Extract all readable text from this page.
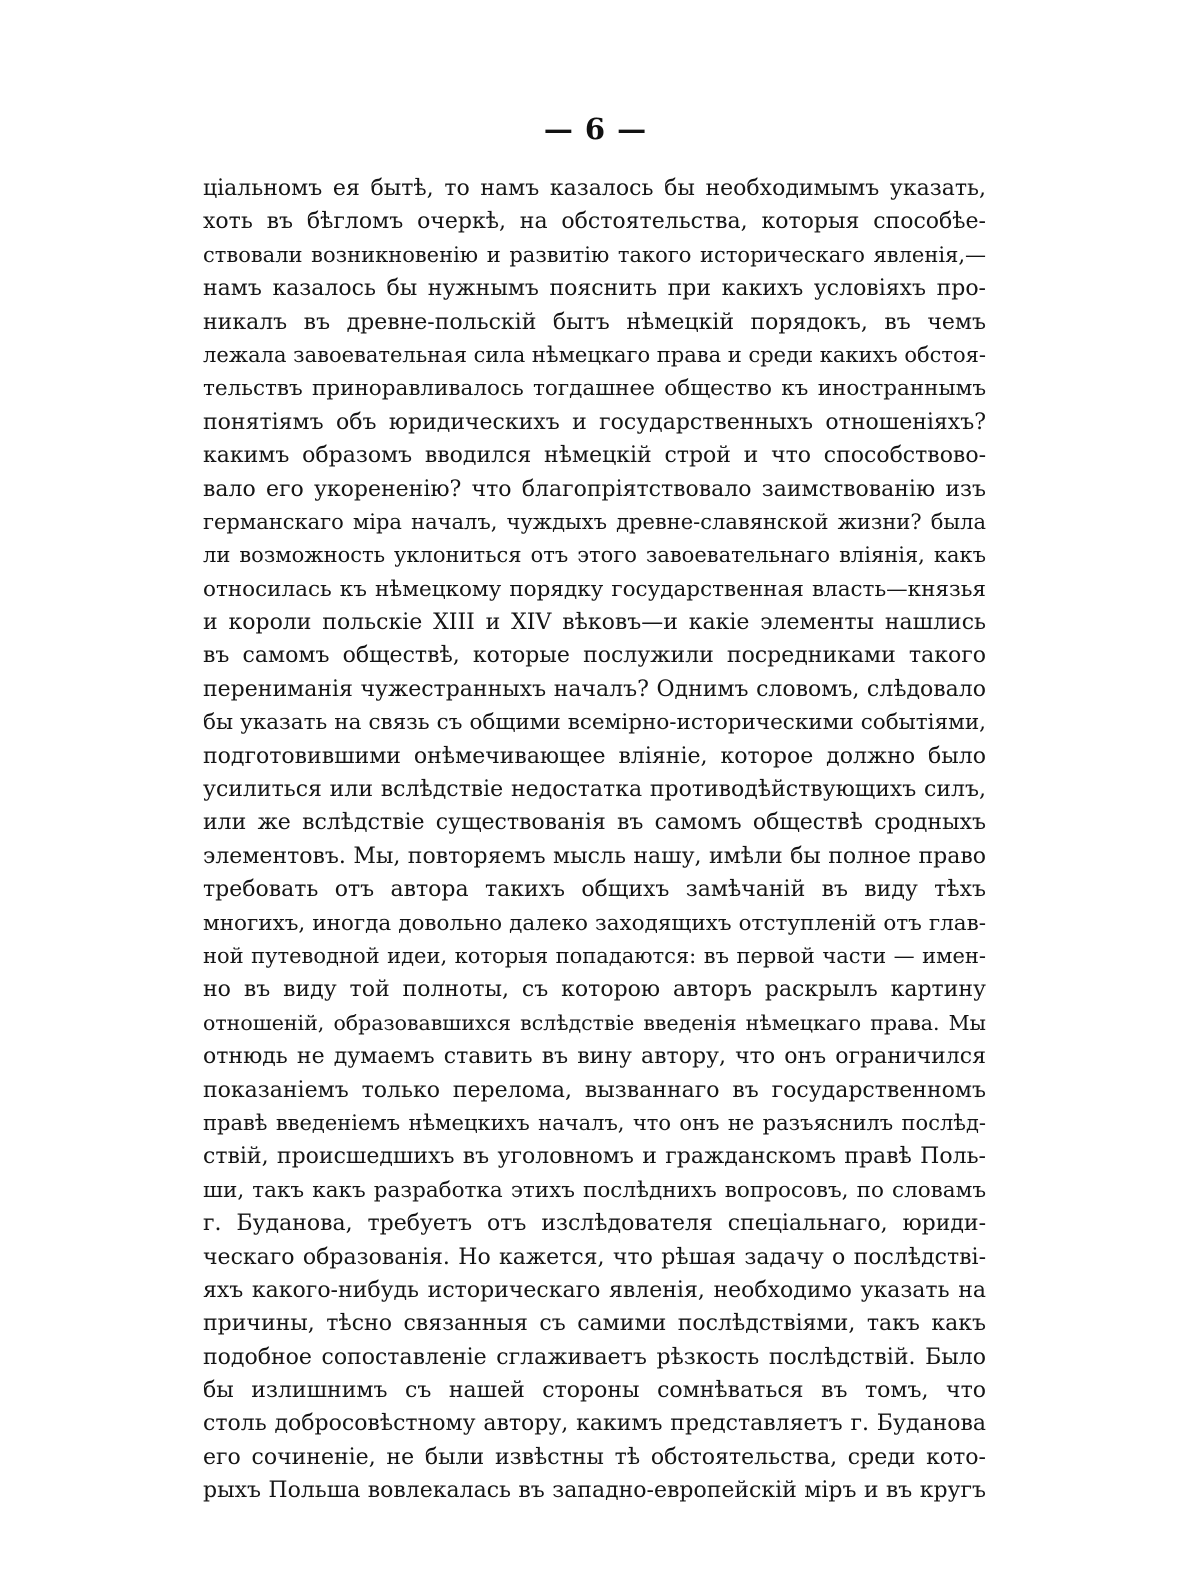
— 6 —
ціальномъ ея бытѣ, то намъ казалось бы необходимымъ указать,
хоть въ бѣгломъ очеркѣ, на обстоятельства, которыя способѣе-
ствовали возникновенію и развитію такого историческаго явленія,—
намъ казалось бы нужнымъ пояснить при какихъ условіяхъ про-
никалъ въ древне-польскій бытъ нѣмецкій порядокъ, въ чемъ
лежала завоевательная сила нѣмецкаго права и среди какихъ обстоя-
тельствъ приноравливалось тогдашнее общество къ иностраннымъ
понятіямъ объ юридическихъ и государственныхъ отношеніяхъ?
какимъ образомъ вводился нѣмецкій строй и что способствово-
вало его укорененію? что благопріятствовало заимствованію изъ
германскаго міра началъ, чуждыхъ древне-славянской жизни? была
ли возможность уклониться отъ этого завоевательнаго вліянія, какъ
относилась къ нѣмецкому порядку государственная власть—князья
и короли польскіе XIII и XIV вѣковъ—и какіе элементы нашлись
въ самомъ обществѣ, которые послужили посредниками такого
перениманія чужестранныхъ началъ? Однимъ словомъ, слѣдовало
бы указать на связь съ общими всемірно-историческими событіями,
подготовившими онѣмечивающее вліяніе, которое должно было
усилиться или вслѣдствіе недостатка противодѣйствующихъ силъ,
или же вслѣдствіе существованія въ самомъ обществѣ сродныхъ
элементовъ. Мы, повторяемъ мысль нашу, имѣли бы полное право
требовать отъ автора такихъ общихъ замѣчаній въ виду тѣхъ
многихъ, иногда довольно далеко заходящихъ отступленій отъ глав-
ной путеводной идеи, которыя попадаются: въ первой части — имен-
но въ виду той полноты, съ которою авторъ раскрылъ картину
отношеній, образовавшихся вслѣдствіе введенія нѣмецкаго права. Мы
отнюдь не думаемъ ставить въ вину автору, что онъ ограничился
показаніемъ только перелома, вызваннаго въ государственномъ
правѣ введеніемъ нѣмецкихъ началъ, что онъ не разъяснилъ послѣд-
ствій, происшедшихъ въ уголовномъ и гражданскомъ правѣ Поль-
ши, такъ какъ разработка этихъ послѣднихъ вопросовъ, по словамъ
г. Буданова, требуетъ отъ изслѣдователя спеціальнаго, юриди-
ческаго образованія. Но кажется, что рѣшая задачу о послѣдстві-
яхъ какого-нибудь историческаго явленія, необходимо указать на
причины, тѣсно связанныя съ самими послѣдствіями, такъ какъ
подобное сопоставленіе сглаживаетъ рѣзкость послѣдствій. Было
бы излишнимъ съ нашей стороны сомнѣваться въ томъ, что
столь добросовѣстному автору, какимъ представляетъ г. Буданова
его сочиненіе, не были извѣстны тѣ обстоятельства, среди кото-
рыхъ Польша вовлекалась въ западно-европейскій міръ и въ кругъ
